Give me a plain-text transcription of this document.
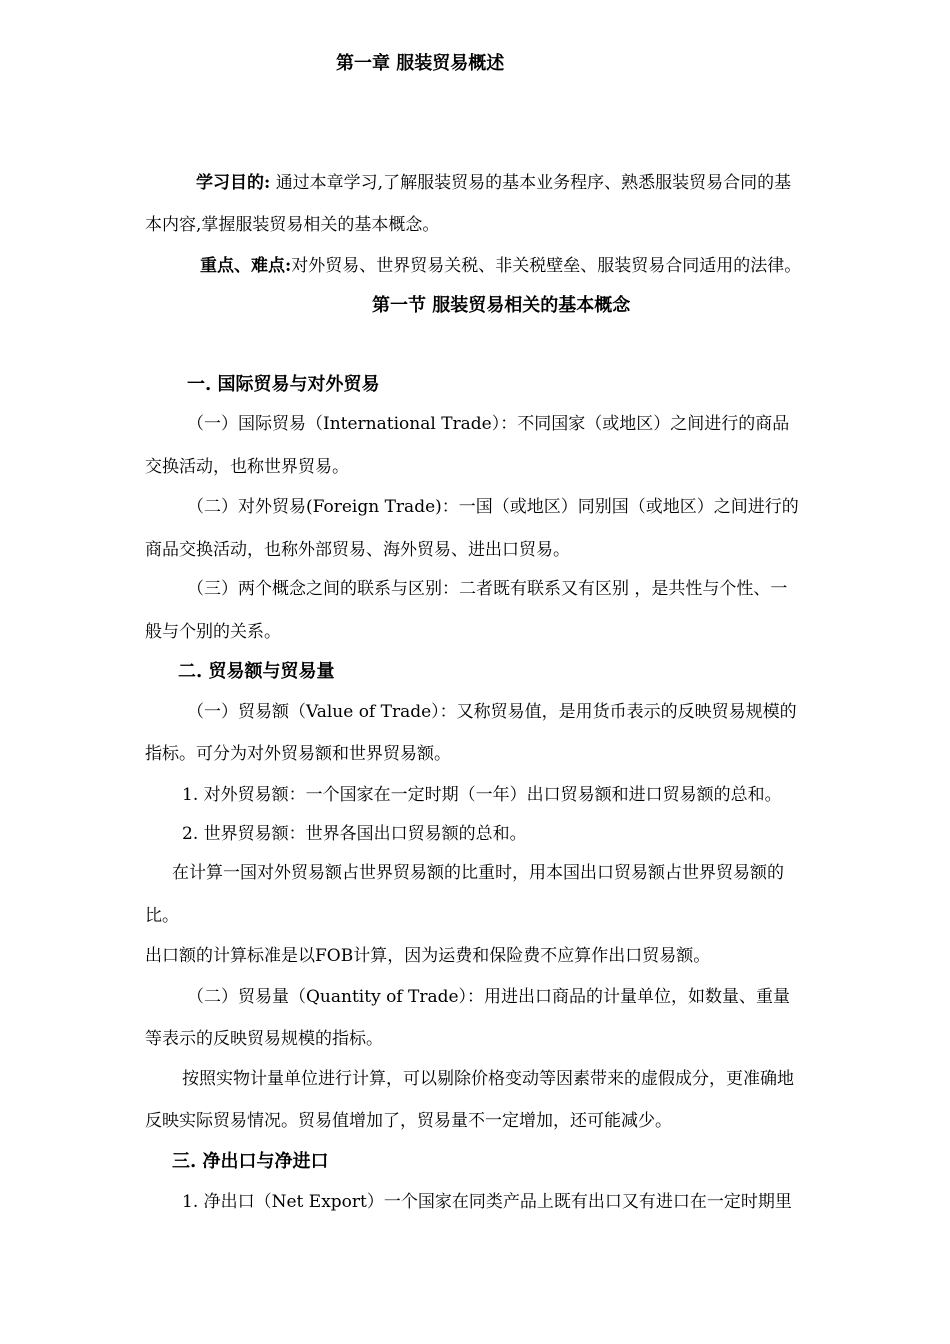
第一章 服装贸易概述
学习目的: 通过本章学习,了解服装贸易的基本业务程序、熟悉服装贸易合同的基
本内容,掌握服装贸易相关的基本概念。
重点、难点:对外贸易、世界贸易关税、非关税壁垒、服装贸易合同适用的法律。
第一节 服装贸易相关的基本概念
一. 国际贸易与对外贸易
（一）国际贸易（International Trade）：不同国家（或地区）之间进行的商品
交换活动，也称世界贸易。
（二）对外贸易(Foreign Trade)：一国（或地区）同别国（或地区）之间进行的
商品交换活动，也称外部贸易、海外贸易、进出口贸易。
（三）两个概念之间的联系与区别：二者既有联系又有区别 ，是共性与个性、一
般与个别的关系。
二. 贸易额与贸易量
（一）贸易额（Value of Trade）：又称贸易值，是用货币表示的反映贸易规模的
指标。可分为对外贸易额和世界贸易额。
1. 对外贸易额：一个国家在一定时期（一年）出口贸易额和进口贸易额的总和。
2. 世界贸易额：世界各国出口贸易额的总和。
在计算一国对外贸易额占世界贸易额的比重时，用本国出口贸易额占世界贸易额的
比。
出口额的计算标准是以FOB计算，因为运费和保险费不应算作出口贸易额。
（二）贸易量（Quantity of Trade）：用进出口商品的计量单位，如数量、重量
等表示的反映贸易规模的指标。
按照实物计量单位进行计算，可以剔除价格变动等因素带来的虚假成分，更准确地
反映实际贸易情况。贸易值增加了，贸易量不一定增加，还可能减少。
三. 净出口与净进口
1. 净出口（Net Export）一个国家在同类产品上既有出口又有进口在一定时期里
